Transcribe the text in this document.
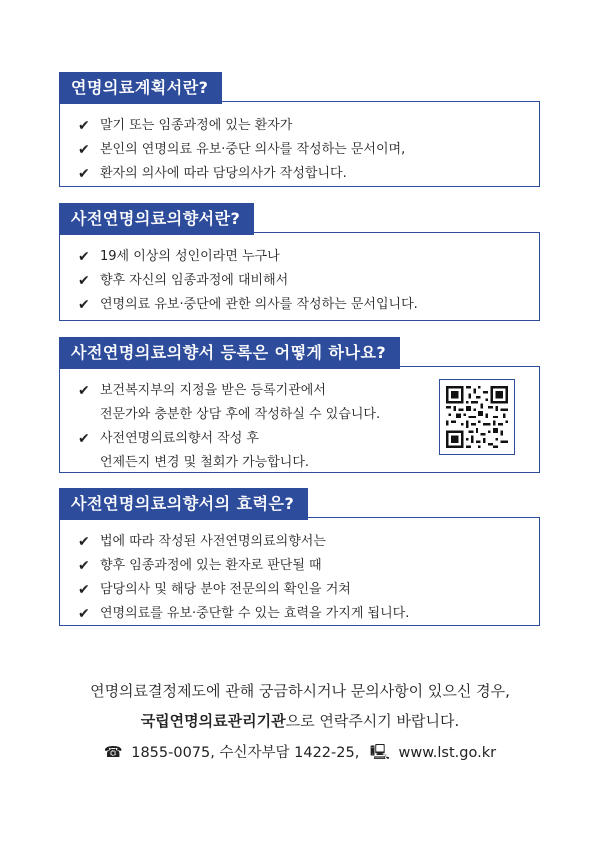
연명의료계획서란?
✔ 말기 또는 임종과정에 있는 환자가
✔ 본인의 연명의료 유보·중단 의사를 작성하는 문서이며,
✔ 환자의 의사에 따라 담당의사가 작성합니다.
사전연명의료의향서란?
✔ 19세 이상의 성인이라면 누구나
✔ 향후 자신의 임종과정에 대비해서
✔ 연명의료 유보·중단에 관한 의사를 작성하는 문서입니다.
사전연명의료의향서 등록은 어떻게 하나요?
✔ 보건복지부의 지정을 받은 등록기관에서
전문가와 충분한 상담 후에 작성하실 수 있습니다.
✔ 사전연명의료의향서 작성 후
언제든지 변경 및 철회가 가능합니다.
사전연명의료의향서의 효력은?
✔ 법에 따라 작성된 사전연명의료의향서는
✔ 향후 임종과정에 있는 환자로 판단될 때
✔ 담당의사 및 해당 분야 전문의의 확인을 거쳐
✔ 연명의료를 유보·중단할 수 있는 효력을 가지게 됩니다.
연명의료결정제도에 관해 궁금하시거나 문의사항이 있으신 경우,
국립연명의료관리기관으로 연락주시기 바랍니다.
☎ 1855-0075, 수신자부담 1422-25, 🖳 www.lst.go.kr
